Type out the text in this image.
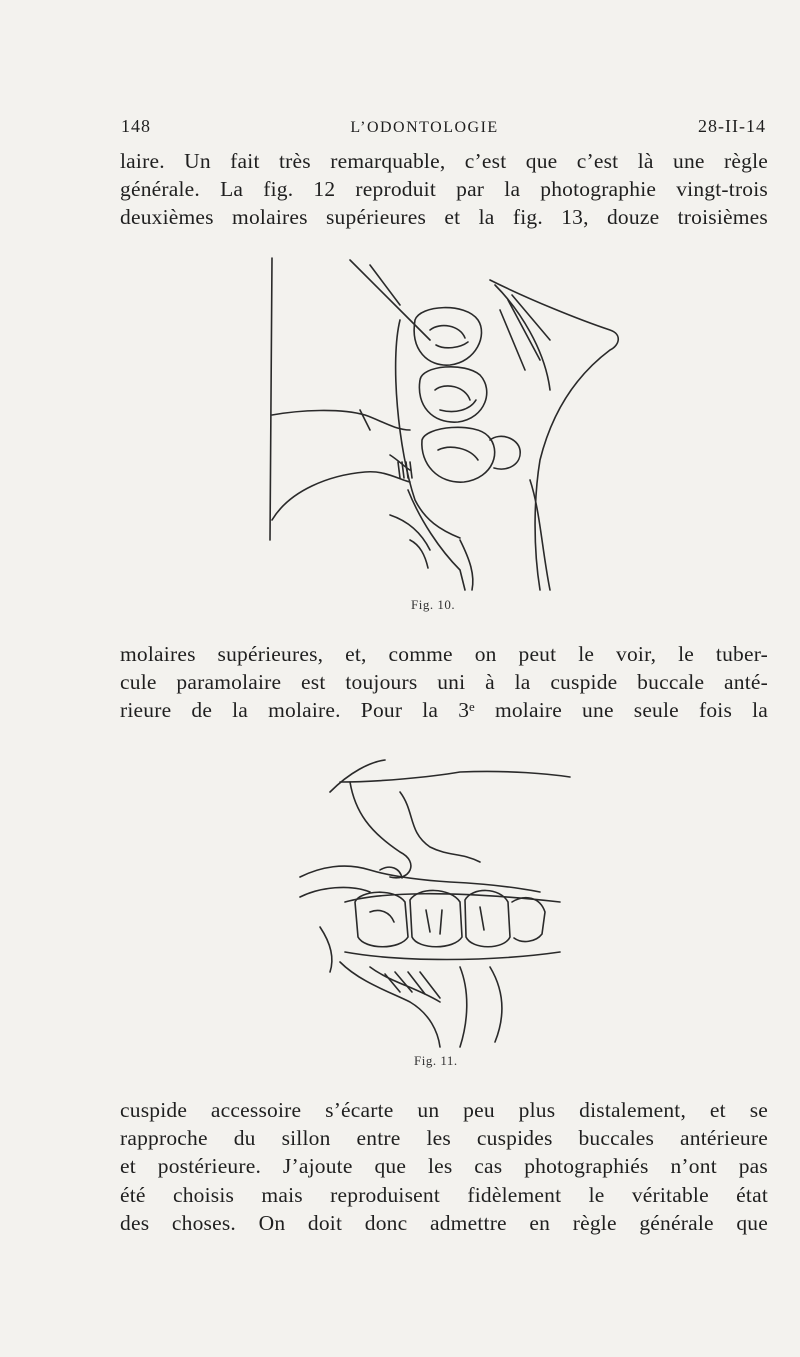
148	L’ODONTOLOGIE	28-II-14
laire. Un fait très remarquable, c’est que c’est là une règle
générale. La fig. 12 reproduit par la photographie vingt-trois
deuxièmes molaires supérieures et la fig. 13, douze troisièmes
Fig. 10.
molaires supérieures, et, comme on peut le voir, le tuber-
cule paramolaire est toujours uni à la cuspide buccale anté-
rieure de la molaire. Pour la 3ᵉ molaire une seule fois la
Fig. 11.
cuspide accessoire s’écarte un peu plus distalement, et se
rapproche du sillon entre les cuspides buccales antérieure
et postérieure. J’ajoute que les cas photographiés n’ont pas
été choisis mais reproduisent fidèlement le véritable état
des choses. On doit donc admettre en règle générale que
